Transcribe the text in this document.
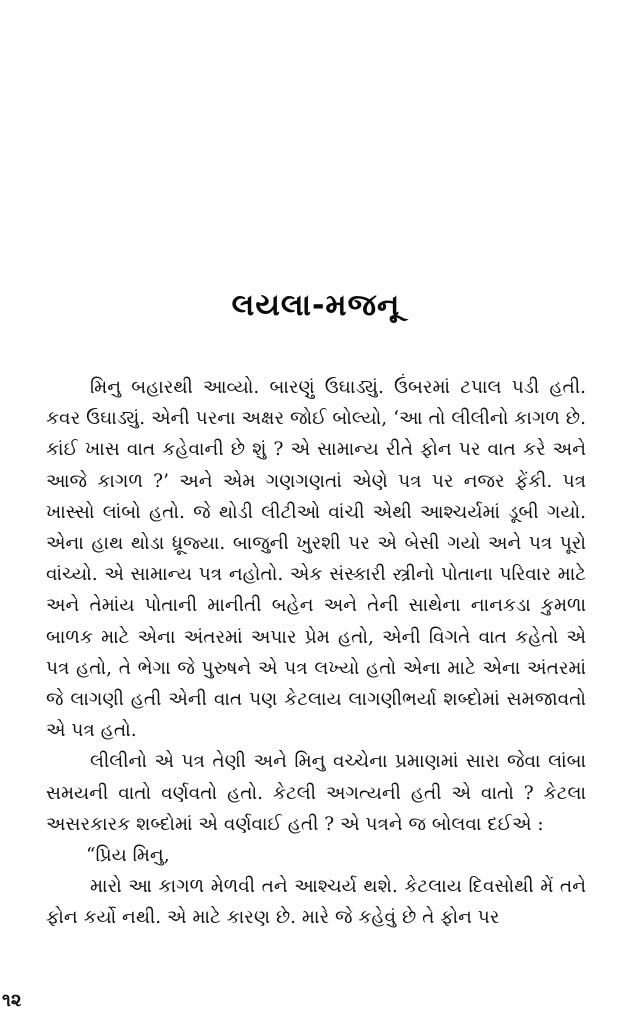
લયલા-મજનૂ

મિનુ બહારથી આવ્યો. બારણું ઉઘાડ્યું. ઉંબરમાં ટપાલ પડી હતી. કવર ઉઘાડ્યું. એની પરના અક્ષર જોઈ બોલ્યો, ‘આ તો લીલીનો કાગળ છે. કાંઈ ખાસ વાત કહેવાની છે શું ? એ સામાન્ય રીતે ફોન પર વાત કરે અને આજે કાગળ ?’ અને એમ ગણગણતાં એણે પત્ર પર નજર ફેંકી. પત્ર ખાસ્સો લાંબો હતો. જે થોડી લીટીઓ વાંચી એથી આશ્ચર્યમાં ડૂબી ગયો. એના હાથ થોડા ધ્રૂજ્યા. બાજુની ખુરશી પર એ બેસી ગયો અને પત્ર પૂરો વાંચ્યો. એ સામાન્ય પત્ર નહોતો. એક સંસ્કારી સ્ત્રીનો પોતાના પરિવાર માટે અને તેમાંય પોતાની માનીતી બહેન અને તેની સાથેના નાનકડા કુમળા બાળક માટે એના અંતરમાં અપાર પ્રેમ હતો, એની વિગતે વાત કહેતો એ પત્ર હતો, તે ભેગા જે પુરુષને એ પત્ર લખ્યો હતો એના માટે એના અંતરમાં જે લાગણી હતી એની વાત પણ કેટલાય લાગણીભર્યા શબ્દોમાં સમજાવતો એ પત્ર હતો.

લીલીનો એ પત્ર તેણી અને મિનુ વચ્ચેના પ્રમાણમાં સારા જેવા લાંબા સમયની વાતો વર્ણવતો હતો. કેટલી અગત્યની હતી એ વાતો ? કેટલા અસરકારક શબ્દોમાં એ વર્ણવાઈ હતી ? એ પત્રને જ બોલવા દઈએ :

“પ્રિય મિનુ,

મારો આ કાગળ મેળવી તને આશ્ચર્ય થશે. કેટલાય દિવસોથી મેં તને ફોન કર્યો નથી. એ માટે કારણ છે. મારે જે કહેવું છે તે ફોન પર

૧૨
